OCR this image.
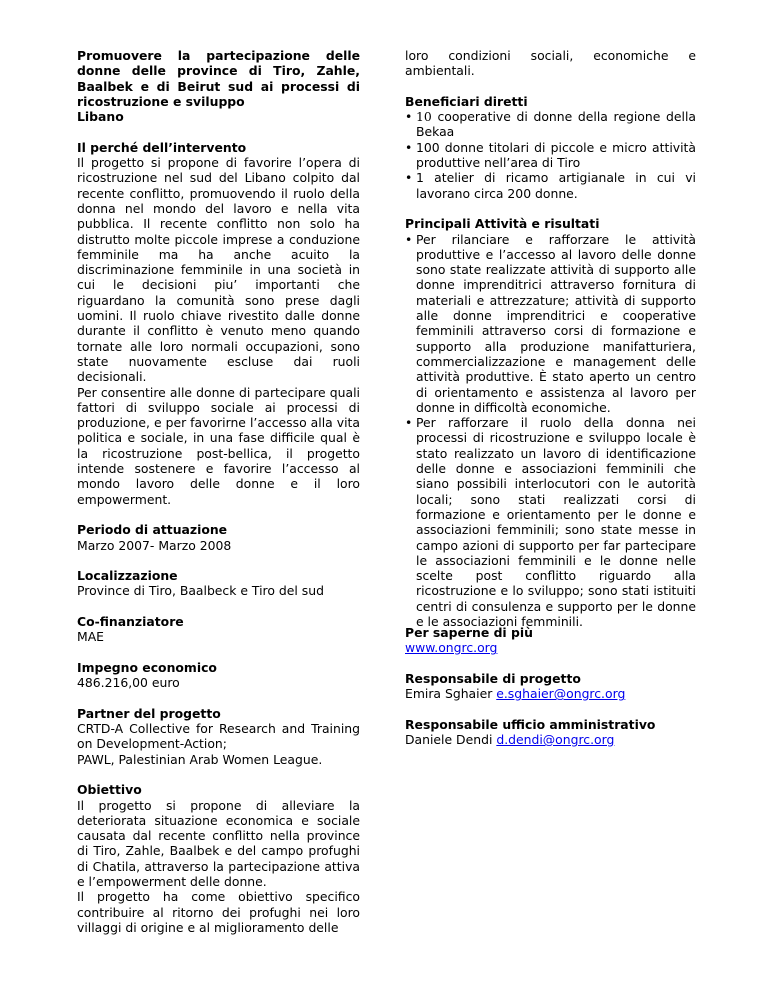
Promuovere la partecipazione delle donne delle province di Tiro, Zahle, Baalbek e di Beirut sud ai processi di ricostruzione e sviluppo

Libano

Il perché dell’intervento

Il progetto si propone di favorire l’opera di ricostruzione nel sud del Libano colpito dal recente conflitto, promuovendo il ruolo della donna nel mondo del lavoro e nella vita pubblica. Il recente conflitto non solo ha distrutto molte piccole imprese a conduzione femminile ma ha anche acuito la discriminazione femminile in una società in cui le decisioni piu’ importanti che riguardano la comunità sono prese dagli uomini. Il ruolo chiave rivestito dalle donne durante il conflitto è venuto meno quando tornate alle loro normali occupazioni, sono state nuovamente escluse dai ruoli decisionali.

Per consentire alle donne di partecipare quali fattori di sviluppo sociale ai processi di produzione, e per favorirne l’accesso alla vita politica e sociale, in una fase difficile qual è la ricostruzione post-bellica, il progetto intende sostenere e favorire l’accesso al mondo lavoro delle donne e il loro empowerment.

Periodo di attuazione

Marzo 2007- Marzo 2008

Localizzazione

Province di Tiro, Baalbeck e Tiro del sud

Co-finanziatore

MAE

Impegno economico

486.216,00 euro

Partner del progetto

CRTD-A Collective for Research and Training on Development-Action;

PAWL, Palestinian Arab Women League.

Obiettivo

Il progetto si propone di alleviare la deteriorata situazione economica e sociale causata dal recente conflitto nella province di Tiro, Zahle, Baalbek e del campo profughi di Chatila, attraverso la partecipazione attiva e l’empowerment delle donne.

Il progetto ha come obiettivo specifico contribuire al ritorno dei profughi nei loro villaggi di origine e al miglioramento delle

loro condizioni sociali, economiche e ambientali.

Beneficiari diretti

• 10 cooperative di donne della regione della Bekaa
• 100 donne titolari di piccole e micro attività produttive nell’area di Tiro
• 1 atelier di ricamo artigianale in cui vi lavorano circa 200 donne.

Principali Attività e risultati

• Per rilanciare e rafforzare le attività produttive e l’accesso al lavoro delle donne sono state realizzate attività di supporto alle donne imprenditrici attraverso fornitura di materiali e attrezzature; attività di supporto alle donne imprenditrici e cooperative femminili attraverso corsi di formazione e supporto alla produzione manifatturiera, commercializzazione e management delle attività produttive. È stato aperto un centro di orientamento e assistenza al lavoro per donne in difficoltà economiche.
• Per rafforzare il ruolo della donna nei processi di ricostruzione e sviluppo locale è stato realizzato un lavoro di identificazione delle donne e associazioni femminili che siano possibili interlocutori con le autorità locali; sono stati realizzati corsi di formazione e orientamento per le donne e associazioni femminili; sono state messe in campo azioni di supporto per far partecipare le associazioni femminili e le donne nelle scelte post conflitto riguardo alla ricostruzione e lo sviluppo; sono stati istituiti centri di consulenza e supporto per le donne e le associazioni femminili.

Per saperne di più

www.ongrc.org

Responsabile di progetto

Emira Sghaier e.sghaier@ongrc.org

Responsabile ufficio amministrativo

Daniele Dendi d.dendi@ongrc.org
